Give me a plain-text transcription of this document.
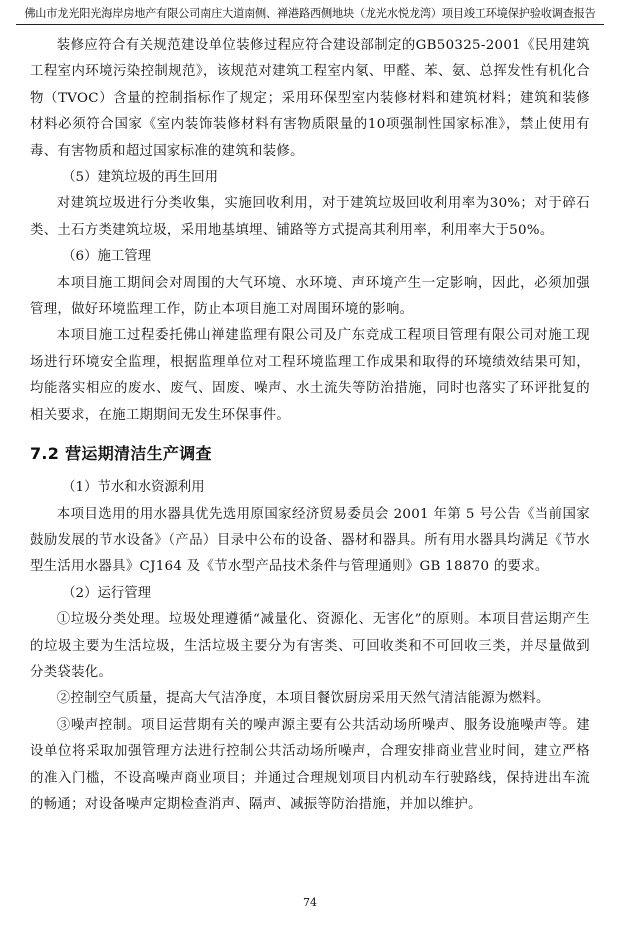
佛山市龙光阳光海岸房地产有限公司南庄大道南侧、禅港路西侧地块（龙光水悦龙湾）项目竣工环境保护验收调查报告

装修应符合有关规范建设单位装修过程应符合建设部制定的GB50325-2001《民用建筑工程室内环境污染控制规范》，该规范对建筑工程室内氡、甲醛、苯、氨、总挥发性有机化合物（TVOC）含量的控制指标作了规定；采用环保型室内装修材料和建筑材料；建筑和装修材料必须符合国家《室内装饰装修材料有害物质限量的10项强制性国家标准》，禁止使用有毒、有害物质和超过国家标准的建筑和装修。

（5）建筑垃圾的再生回用

对建筑垃圾进行分类收集，实施回收利用，对于建筑垃圾回收利用率为30%；对于碎石类、土石方类建筑垃圾，采用地基填埋、铺路等方式提高其利用率，利用率大于50%。

（6）施工管理

本项目施工期间会对周围的大气环境、水环境、声环境产生一定影响，因此，必须加强管理，做好环境监理工作，防止本项目施工对周围环境的影响。

本项目施工过程委托佛山禅建监理有限公司及广东竞成工程项目管理有限公司对施工现场进行环境安全监理，根据监理单位对工程环境监理工作成果和取得的环境绩效结果可知，均能落实相应的废水、废气、固废、噪声、水土流失等防治措施，同时也落实了环评批复的相关要求，在施工期期间无发生环保事件。

7.2 营运期清洁生产调查

（1）节水和水资源利用

本项目选用的用水器具优先选用原国家经济贸易委员会 2001 年第 5 号公告《当前国家鼓励发展的节水设备》（产品）目录中公布的设备、器材和器具。所有用水器具均满足《节水型生活用水器具》CJ164 及《节水型产品技术条件与管理通则》GB 18870 的要求。

（2）运行管理

①垃圾分类处理。垃圾处理遵循“减量化、资源化、无害化”的原则。本项目营运期产生的垃圾主要为生活垃圾，生活垃圾主要分为有害类、可回收类和不可回收三类，并尽量做到分类袋装化。

②控制空气质量，提高大气洁净度，本项目餐饮厨房采用天然气清洁能源为燃料。

③噪声控制。项目运营期有关的噪声源主要有公共活动场所噪声、服务设施噪声等。建设单位将采取加强管理方法进行控制公共活动场所噪声，合理安排商业营业时间，建立严格的准入门槛，不设高噪声商业项目；并通过合理规划项目内机动车行驶路线，保持进出车流的畅通；对设备噪声定期检查消声、隔声、减振等防治措施，并加以维护。

74
